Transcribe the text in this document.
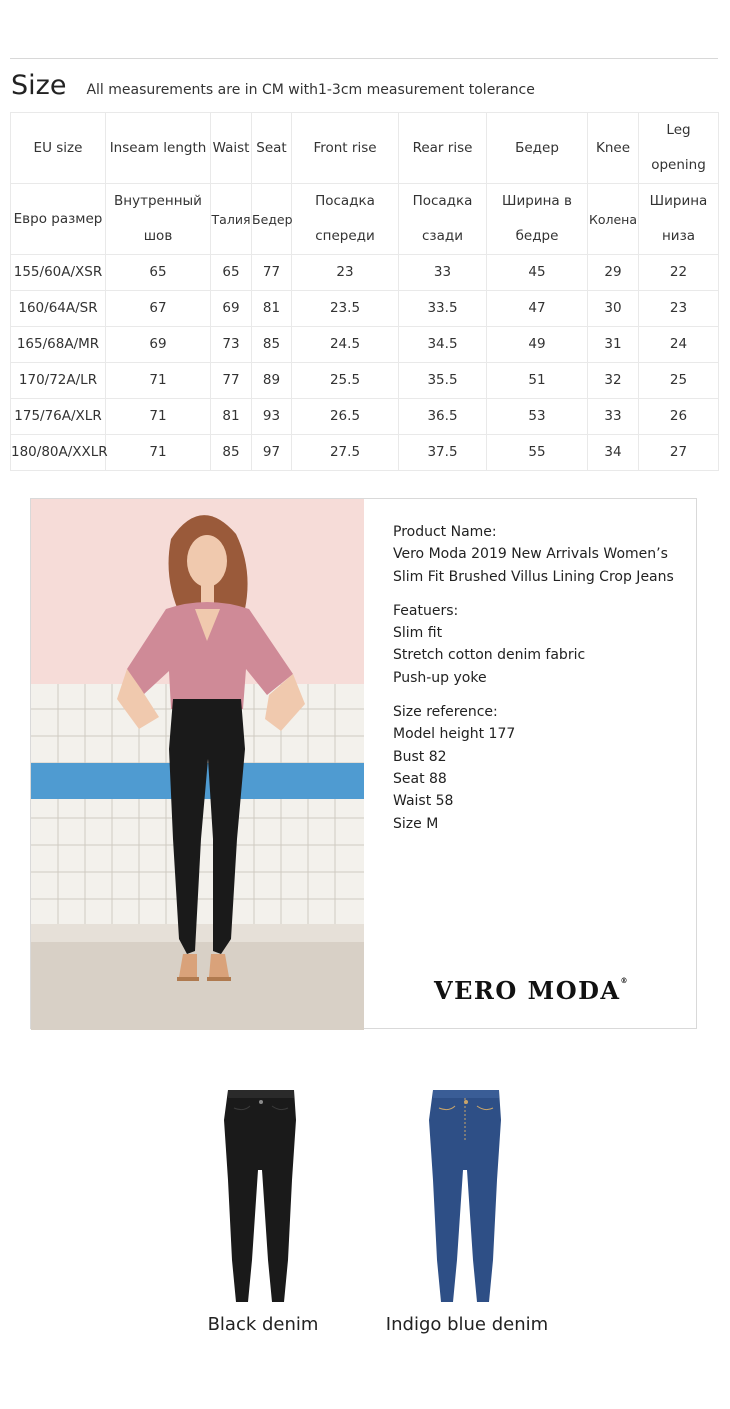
Size All measurements are in CM with1-3cm measurement tolerance
EU size	Inseam length	Waist	Seat	Front rise	Rear rise	Бедер	Knee	Leg opening

Евро размер	Внутренный шов	Талия	Бедер	Посадка спереди	Посадка сзади	Ширина в бедре	Колена	Ширина низа

155/60A/XSR	65	65	77	23	33	45	29	22
160/64A/SR	67	69	81	23.5	33.5	47	30	23
165/68A/MR	69	73	85	24.5	34.5	49	31	24
170/72A/LR	71	77	89	25.5	35.5	51	32	25
175/76A/XLR	71	81	93	26.5	36.5	53	33	26
180/80A/XXLR	71	85	97	27.5	37.5	55	34	27
Product Name:
Vero Moda 2019 New Arrivals Women’s
Slim Fit Brushed Villus Lining Crop Jeans
Featuers:
Slim fit
Stretch cotton denim fabric
Push-up yoke
Size reference:
Model height 177
Bust 82
Seat 88
Waist 58
Size M
VERO MODA®
Black denim	Indigo blue denim
